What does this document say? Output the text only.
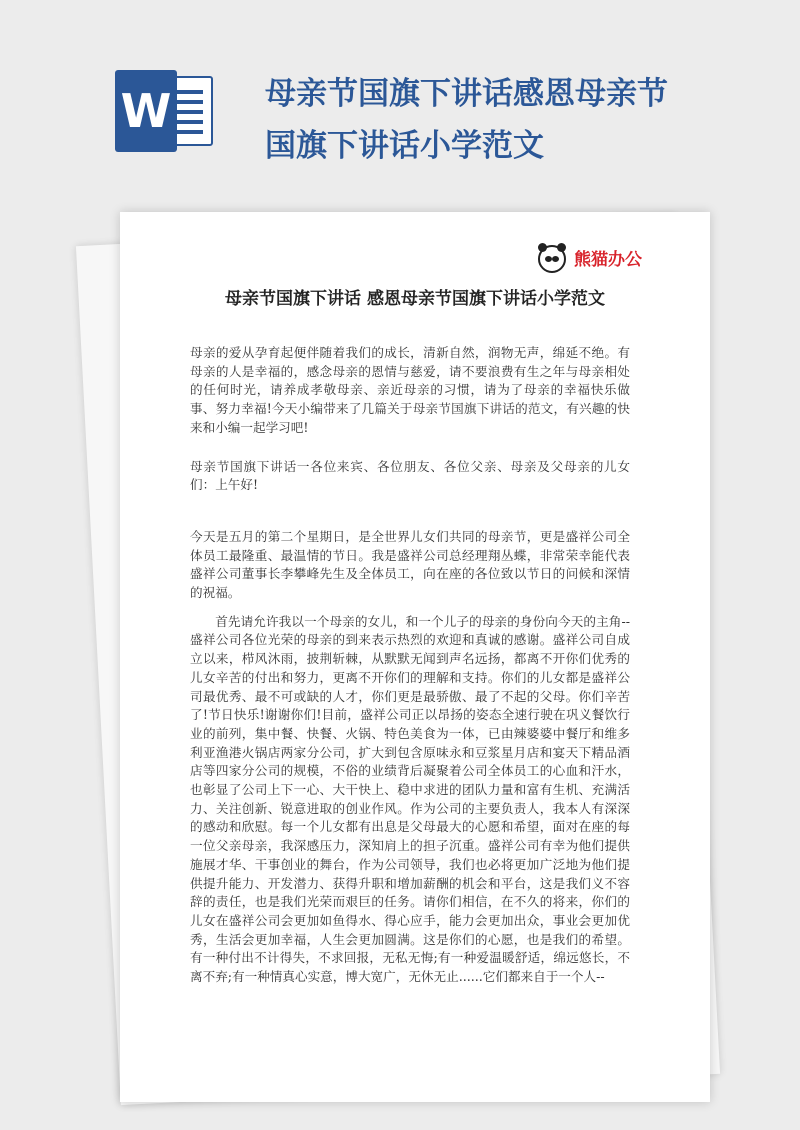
W	母亲节国旗下讲话感恩母亲节国旗下讲话小学范文
熊猫办公
母亲节国旗下讲话 感恩母亲节国旗下讲话小学范文

母亲的爱从孕育起便伴随着我们的成长，清新自然，润物无声，绵延不绝。有母亲的人是幸福的，感念母亲的恩情与慈爱，请不要浪费有生之年与母亲相处的任何时光，请养成孝敬母亲、亲近母亲的习惯，请为了母亲的幸福快乐做事、努力幸福!今天小编带来了几篇关于母亲节国旗下讲话的范文，有兴趣的快来和小编一起学习吧!

母亲节国旗下讲话一各位来宾、各位朋友、各位父亲、母亲及父母亲的儿女们：上午好!

今天是五月的第二个星期日，是全世界儿女们共同的母亲节，更是盛祥公司全体员工最隆重、最温情的节日。我是盛祥公司总经理翔丛蝶，非常荣幸能代表盛祥公司董事长李攀峰先生及全体员工，向在座的各位致以节日的问候和深情的祝福。

首先请允许我以一个母亲的女儿，和一个儿子的母亲的身份向今天的主角--盛祥公司各位光荣的母亲的到来表示热烈的欢迎和真诚的感谢。盛祥公司自成立以来，栉风沐雨，披荆斩棘，从默默无闻到声名远扬，都离不开你们优秀的儿女辛苦的付出和努力，更离不开你们的理解和支持。你们的儿女都是盛祥公司最优秀、最不可或缺的人才，你们更是最骄傲、最了不起的父母。你们辛苦了!节日快乐!谢谢你们!目前，盛祥公司正以昂扬的姿态全速行驶在巩义餐饮行业的前列，集中餐、快餐、火锅、特色美食为一体，已由辣婆婆中餐厅和维多利亚渔港火锅店两家分公司，扩大到包含原味永和豆浆星月店和宴天下精品酒店等四家分公司的规模，不俗的业绩背后凝聚着公司全体员工的心血和汗水，也彰显了公司上下一心、大干快上、稳中求进的团队力量和富有生机、充满活力、关注创新、锐意进取的创业作风。作为公司的主要负责人，我本人有深深的感动和欣慰。每一个儿女都有出息是父母最大的心愿和希望，面对在座的每一位父亲母亲，我深感压力，深知肩上的担子沉重。盛祥公司有幸为他们提供施展才华、干事创业的舞台，作为公司领导，我们也必将更加广泛地为他们提供提升能力、开发潜力、获得升职和增加薪酬的机会和平台，这是我们义不容辞的责任，也是我们光荣而艰巨的任务。请你们相信，在不久的将来，你们的儿女在盛祥公司会更加如鱼得水、得心应手，能力会更加出众，事业会更加优秀，生活会更加幸福，人生会更加圆满。这是你们的心愿，也是我们的希望。有一种付出不计得失，不求回报，无私无悔;有一种爱温暖舒适，绵远悠长，不离不弃;有一种情真心实意，博大宽广，无休无止......它们都来自于一个人--
